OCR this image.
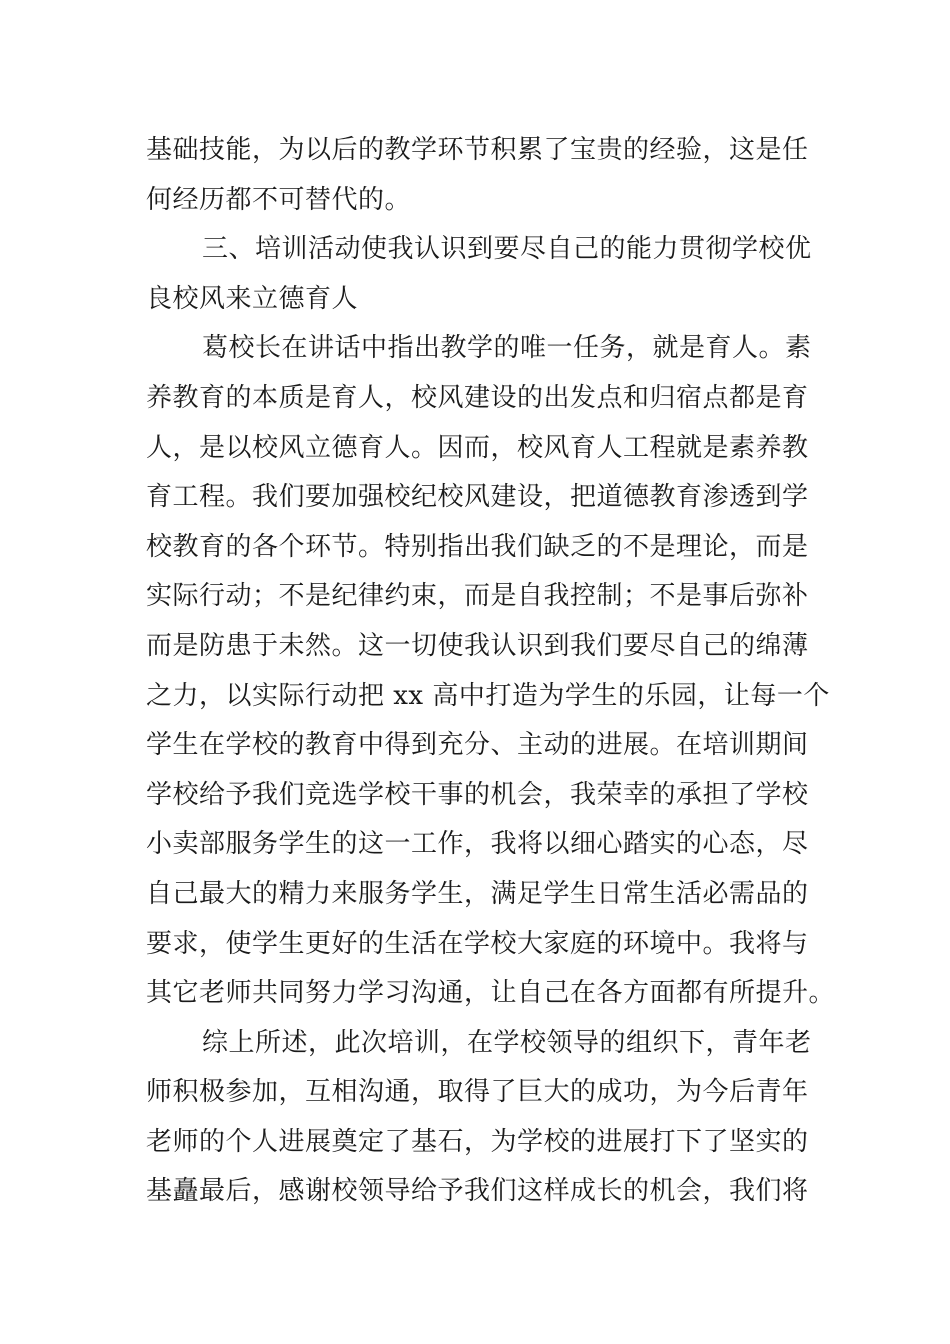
基础技能，为以后的教学环节积累了宝贵的经验，这是任
何经历都不可替代的。
三、培训活动使我认识到要尽自己的能力贯彻学校优
良校风来立德育人
葛校长在讲话中指出教学的唯一任务，就是育人。素
养教育的本质是育人，校风建设的出发点和归宿点都是育
人，是以校风立德育人。因而，校风育人工程就是素养教
育工程。我们要加强校纪校风建设，把道德教育渗透到学
校教育的各个环节。特别指出我们缺乏的不是理论，而是
实际行动；不是纪律约束，而是自我控制；不是事后弥补
而是防患于未然。这一切使我认识到我们要尽自己的绵薄
之力，以实际行动把 xx 高中打造为学生的乐园，让每一个
学生在学校的教育中得到充分、主动的进展。在培训期间
学校给予我们竞选学校干事的机会，我荣幸的承担了学校
小卖部服务学生的这一工作，我将以细心踏实的心态，尽
自己最大的精力来服务学生，满足学生日常生活必需品的
要求，使学生更好的生活在学校大家庭的环境中。我将与
其它老师共同努力学习沟通，让自己在各方面都有所提升。
综上所述，此次培训，在学校领导的组织下，青年老
师积极参加，互相沟通，取得了巨大的成功，为今后青年
老师的个人进展奠定了基石，为学校的进展打下了坚实的
基矗最后，感谢校领导给予我们这样成长的机会，我们将
